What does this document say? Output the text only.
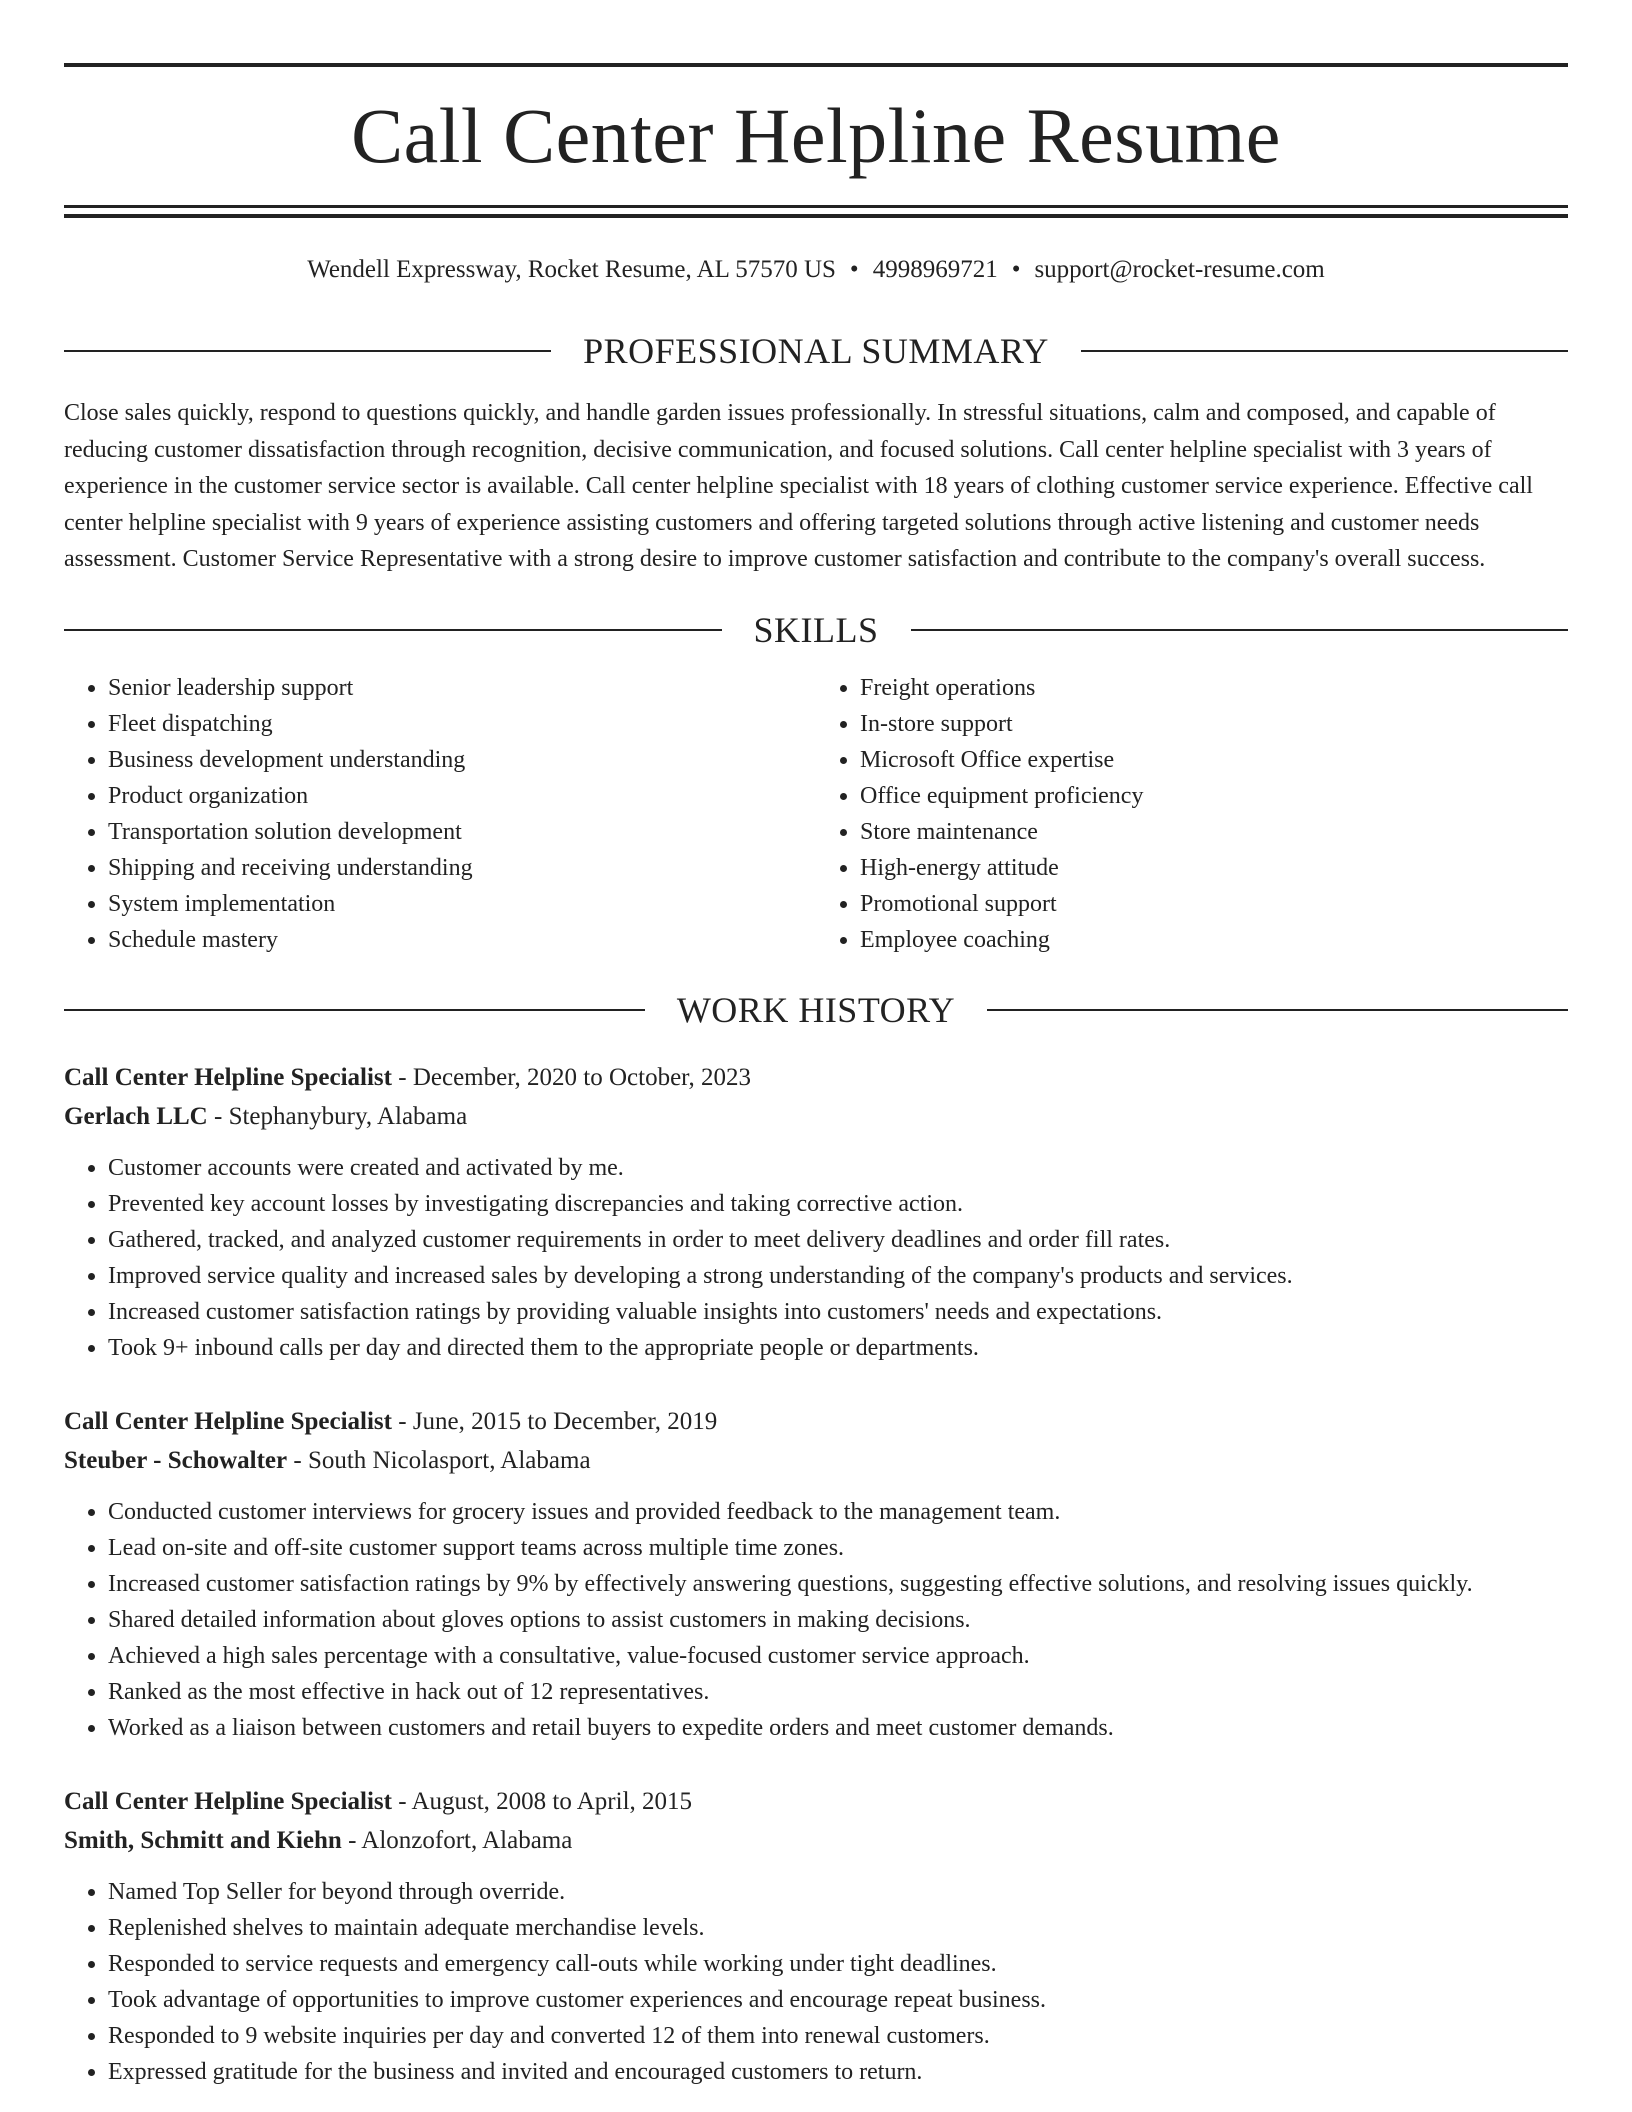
Call Center Helpline Resume
Wendell Expressway, Rocket Resume, AL 57570 US • 4998969721 • support@rocket-resume.com
PROFESSIONAL SUMMARY

Close sales quickly, respond to questions quickly, and handle garden issues professionally. In stressful situations, calm and composed, and capable of reducing customer dissatisfaction through recognition, decisive communication, and focused solutions. Call center helpline specialist with 3 years of experience in the customer service sector is available. Call center helpline specialist with 18 years of clothing customer service experience. Effective call center helpline specialist with 9 years of experience assisting customers and offering targeted solutions through active listening and customer needs assessment. Customer Service Representative with a strong desire to improve customer satisfaction and contribute to the company's overall success.

SKILLS
• Senior leadership support
• Fleet dispatching
• Business development understanding
• Product organization
• Transportation solution development
• Shipping and receiving understanding
• System implementation
• Schedule mastery
• Freight operations
• In-store support
• Microsoft Office expertise
• Office equipment proficiency
• Store maintenance
• High-energy attitude
• Promotional support
• Employee coaching
WORK HISTORY
Call Center Helpline Specialist - December, 2020 to October, 2023
Gerlach LLC - Stephanybury, Alabama
• Customer accounts were created and activated by me.
• Prevented key account losses by investigating discrepancies and taking corrective action.
• Gathered, tracked, and analyzed customer requirements in order to meet delivery deadlines and order fill rates.
• Improved service quality and increased sales by developing a strong understanding of the company's products and services.
• Increased customer satisfaction ratings by providing valuable insights into customers' needs and expectations.
• Took 9+ inbound calls per day and directed them to the appropriate people or departments.
Call Center Helpline Specialist - June, 2015 to December, 2019
Steuber - Schowalter - South Nicolasport, Alabama
• Conducted customer interviews for grocery issues and provided feedback to the management team.
• Lead on-site and off-site customer support teams across multiple time zones.
• Increased customer satisfaction ratings by 9% by effectively answering questions, suggesting effective solutions, and resolving issues quickly.
• Shared detailed information about gloves options to assist customers in making decisions.
• Achieved a high sales percentage with a consultative, value-focused customer service approach.
• Ranked as the most effective in hack out of 12 representatives.
• Worked as a liaison between customers and retail buyers to expedite orders and meet customer demands.
Call Center Helpline Specialist - August, 2008 to April, 2015
Smith, Schmitt and Kiehn - Alonzofort, Alabama
• Named Top Seller for beyond through override.
• Replenished shelves to maintain adequate merchandise levels.
• Responded to service requests and emergency call-outs while working under tight deadlines.
• Took advantage of opportunities to improve customer experiences and encourage repeat business.
• Responded to 9 website inquiries per day and converted 12 of them into renewal customers.
• Expressed gratitude for the business and invited and encouraged customers to return.
